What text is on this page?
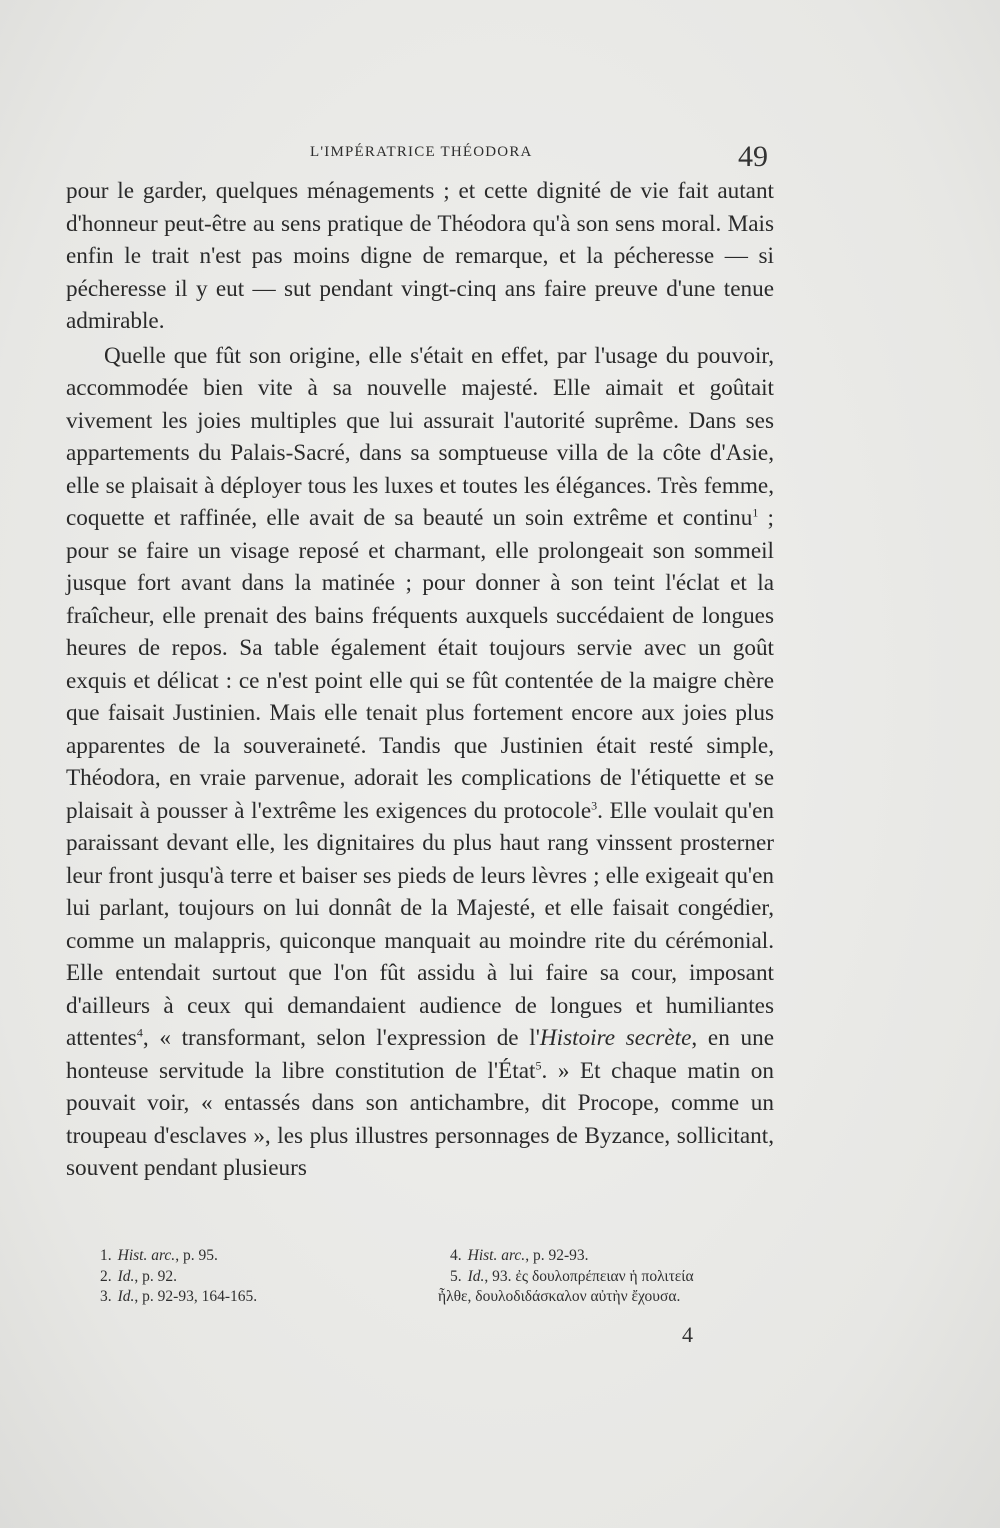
L'IMPÉRATRICE THÉODORA	49

pour le garder, quelques ménagements ; et cette dignité de vie fait autant d'honneur peut-être au sens pratique de Théodora qu'à son sens moral. Mais enfin le trait n'est pas moins digne de remarque, et la pécheresse — si pécheresse il y eut — sut pendant vingt-cinq ans faire preuve d'une tenue admirable.

Quelle que fût son origine, elle s'était en effet, par l'usage du pouvoir, accommodée bien vite à sa nouvelle majesté. Elle aimait et goûtait vivement les joies multiples que lui assurait l'autorité suprême. Dans ses appartements du Palais-Sacré, dans sa somptueuse villa de la côte d'Asie, elle se plaisait à déployer tous les luxes et toutes les élégances. Très femme, coquette et raffinée, elle avait de sa beauté un soin extrême et continu$^1$ ; pour se faire un visage reposé et charmant, elle prolongeait son sommeil jusque fort avant dans la matinée ; pour donner à son teint l'éclat et la fraîcheur, elle prenait des bains fréquents auxquels succédaient de longues heures de repos. Sa table également était toujours servie avec un goût exquis et délicat : ce n'est point elle qui se fût contentée de la maigre chère que faisait Justinien. Mais elle tenait plus fortement encore aux joies plus apparentes de la souveraineté. Tandis que Justinien était resté simple, Théodora, en vraie parvenue, adorait les complications de l'étiquette et se plaisait à pousser à l'extrême les exigences du protocole$^3$. Elle voulait qu'en paraissant devant elle, les dignitaires du plus haut rang vinssent prosterner leur front jusqu'à terre et baiser ses pieds de leurs lèvres ; elle exigeait qu'en lui parlant, toujours on lui donnât de la Majesté, et elle faisait congédier, comme un malappris, quiconque manquait au moindre rite du cérémonial. Elle entendait surtout que l'on fût assidu à lui faire sa cour, imposant d'ailleurs à ceux qui demandaient audience de longues et humiliantes attentes$^4$, « transformant, selon l'expression de l'Histoire secrète, en une honteuse servitude la libre constitution de l'État$^5$. » Et chaque matin on pouvait voir, « entassés dans son antichambre, dit Procope, comme un troupeau d'esclaves », les plus illustres personnages de Byzance, sollicitant, souvent pendant plusieurs

1. Hist. arc., p. 95.
2. Id., p. 92.
3. Id., p. 92-93, 164-165.
4. Hist. arc., p. 92-93.
5. Id., 93. ἐς δουλοπρέπειαν ἡ πολιτεία
ἦλθε, δουλοδιδάσκαλον αὐτὴν ἔχουσα.
4
